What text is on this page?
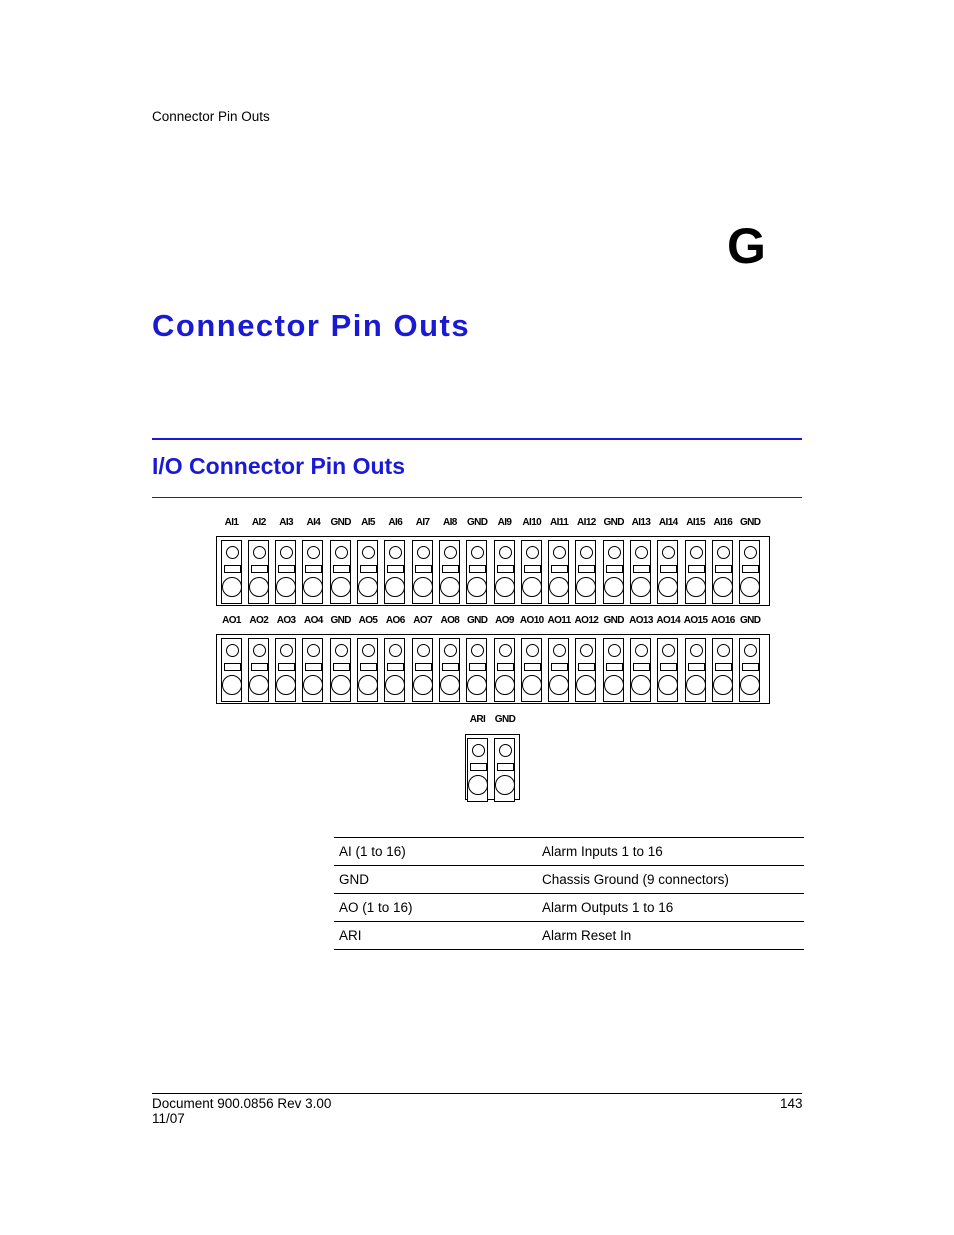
Connector Pin Outs
G
Connector Pin Outs
I/O Connector Pin Outs
AI1	AI2	AI3	AI4	GND	AI5	AI6	AI7	AI8	GND	AI9	AI10 AI11 AI12 GND AI13 AI14 AI15 AI16 GND
AO1 AO2 AO3 AO4 GND AO5 AO6 AO7 AO8 GND AO9 AO10 AO11 AO12 GND AO13 AO14 AO15 AO16 GND
ARI GND
AI (1 to 16)	Alarm Inputs 1 to 16
GND	Chassis Ground (9 connectors)
AO (1 to 16)	Alarm Outputs 1 to 16
ARI	Alarm Reset In
Document 900.0856 Rev 3.00
11/07
143
